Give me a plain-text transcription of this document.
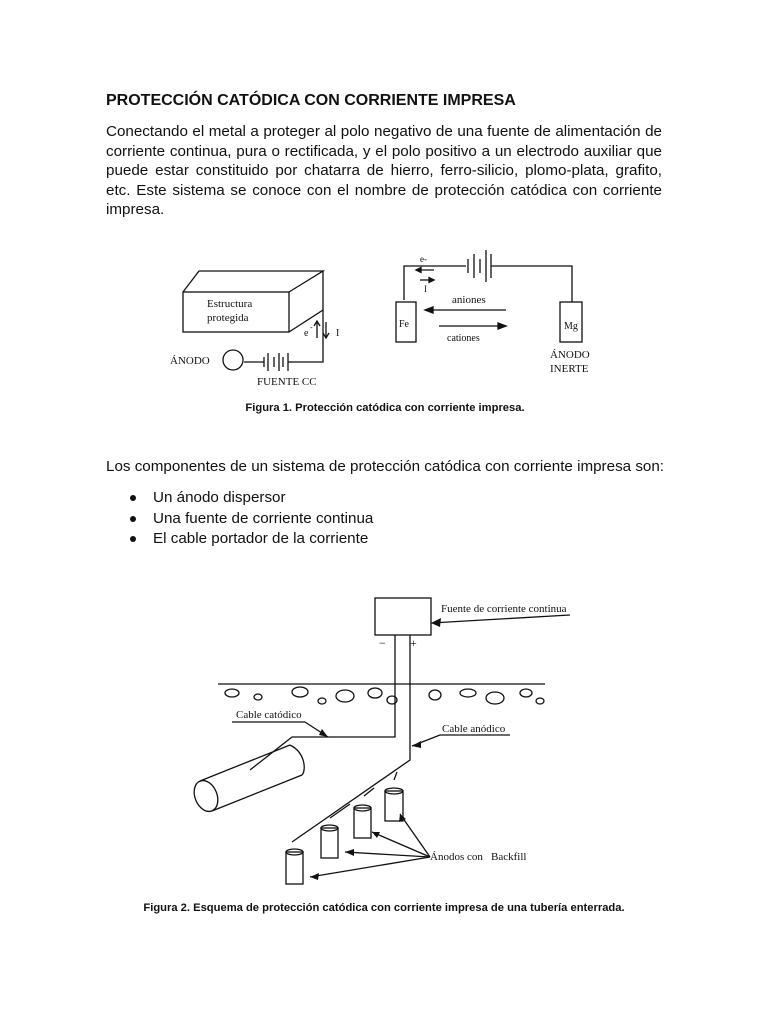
PROTECCIÓN CATÓDICA CON CORRIENTE IMPRESA
Conectando el metal a proteger al polo negativo de una fuente de alimentación de corriente continua, pura o rectificada, y el polo positivo a un electrodo auxiliar que puede estar constituido por chatarra de hierro, ferro-silicio, plomo-plata, grafito, etc. Este sistema se conoce con el nombre de protección catódica con corriente impresa.
Estructura
protegida
e
-
I
ÁNODO
FUENTE CC
e-
I
Fe	Mg
aniones
cationes
ÁNODO
INERTE
Figura 1. Protección catódica con corriente impresa.
Los componentes de un sistema de protección catódica con corriente impresa son:
Un ánodo dispersor
Una fuente de corriente continua
El cable portador de la corriente
Fuente de corriente continua
− +
Cable catódico
Cable anódico
Ánodos con Backfill
Figura 2. Esquema de protección catódica con corriente impresa de una tubería enterrada.
